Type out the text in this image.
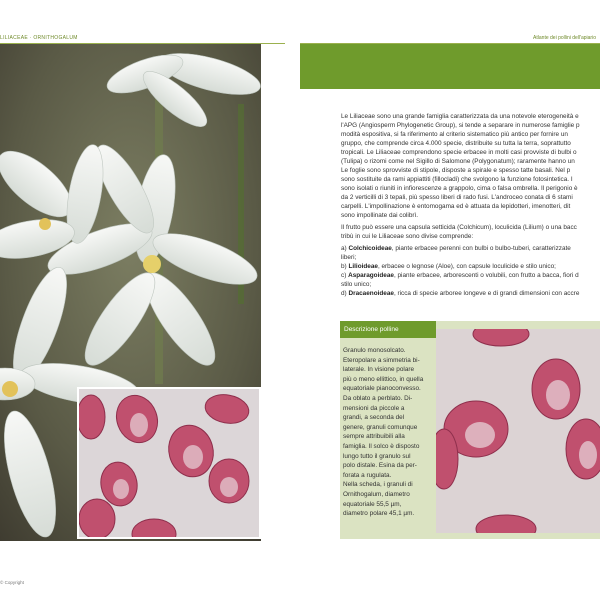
LILIACEAE · ORNITHOGALUM	Atlante dei pollini dell'apiario

Le Liliaceae sono una grande famiglia caratterizzata da una notevole eterogeneità e
l'APG (Angiosperm Phylogenetic Group), si tende a separare in numerose famiglie p
modità espositiva, si fa riferimento al criterio sistematico più antico per fornire un
gruppo, che comprende circa 4.000 specie, distribuite su tutta la terra, soprattutto
tropicali. Le Liliaceae comprendono specie erbacee in molti casi provviste di bulbi o
(Tulipa) o rizomi come nel Sigillo di Salomone (Polygonatum); raramente hanno un
Le foglie sono sprovviste di stipole, disposte a spirale e spesso tatte basali. Nel p
sono sostituite da rami appiattiti (fillocladi) che svolgono la funzione fotosintetica. I
sono isolati o riuniti in infiorescenze a grappolo, cima o falsa ombrella. Il perigonio è
da 2 verticilli di 3 tepali, più spesso liberi di rado fusi. L'androceo conata di 6 stami
carpelli. L'impollinazione è entomogama ed è attuata da lepidotteri, imenotteri, dit
sono impollinate dai colibrì.

Il frutto può essere una capsula setticida (Colchicum), loculicida (Lilium) o una bacc
tribù in cui le Liliaceae sono divise comprende:

a) Colchicoideae, piante erbacee perenni con bulbi o bulbo-tuberi, caratterizzate
liberi;
b) Lilioideae, erbacee o legnose (Aloe), con capsule loculicide e stilo unico;
c) Asparagoideae, piante erbacee, arborescenti o volubili, con frutto a bacca, fiori d
stilo unico;
d) Dracaenoideae, ricca di specie arboree longeve e di grandi dimensioni con accre
Descrizione polline
Granulo monosolcato.
Eteropolare a simmetria bi-
laterale. In visione polare
più o meno ellittico, in quella
equatoriale pianoconvesso.
Da oblato a perblato. Di-
mensioni da piccole a
grandi, a seconda del
genere, granuli comunque
sempre attribuibili alla
famiglia. Il solco è disposto
lungo tutto il granulo sul
polo distale. Esina da per-
forata a rugulata.
Nella scheda, i granuli di
Ornithogalum, diametro
equatoriale 55,5 µm,
diametro polare 45,1 µm.
© Copyright
